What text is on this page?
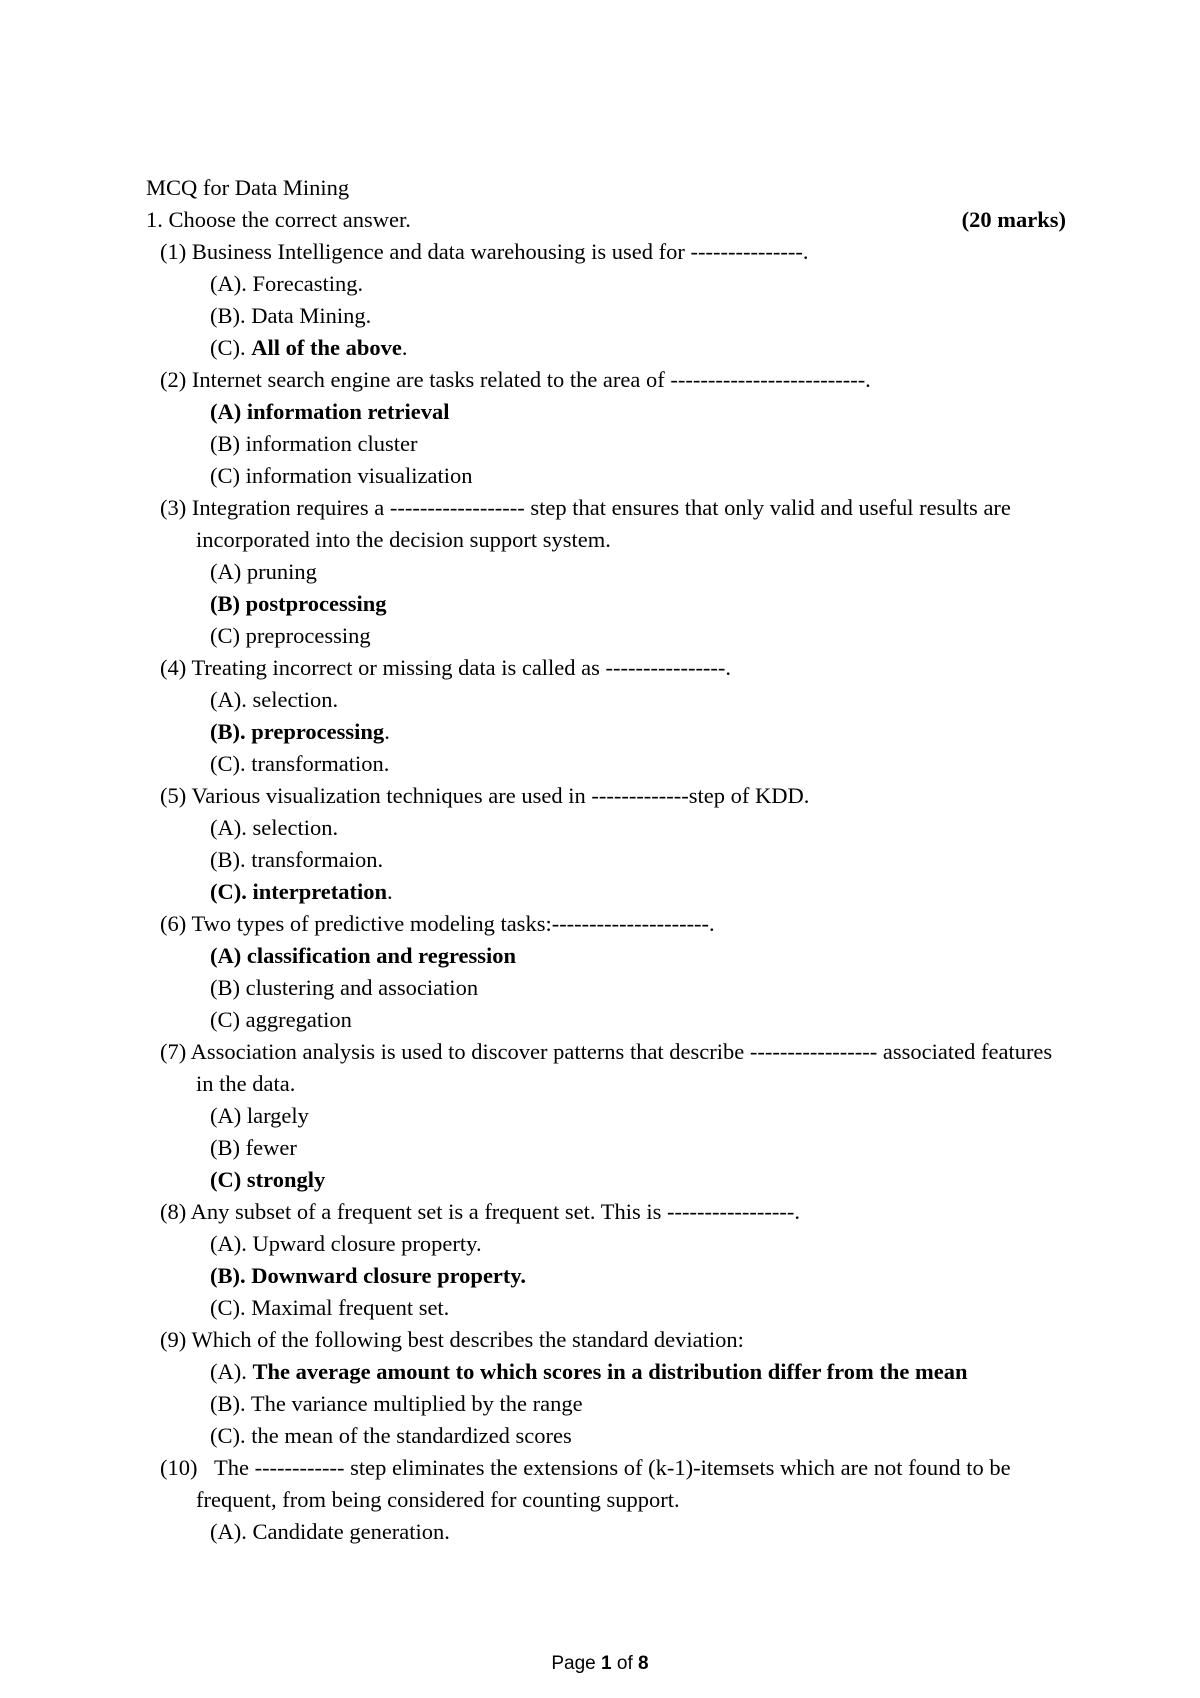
MCQ for Data Mining
1. Choose the correct answer.	(20 marks)
(1) Business Intelligence and data warehousing is used for ---------------.
(A). Forecasting.
(B). Data Mining.
(C). All of the above.
(2) Internet search engine are tasks related to the area of --------------------------.
(A) information retrieval
(B) information cluster
(C) information visualization
(3) Integration requires a ------------------ step that ensures that only valid and useful results are incorporated into the decision support system.
(A) pruning
(B) postprocessing
(C) preprocessing
(4) Treating incorrect or missing data is called as ----------------.
(A). selection.
(B). preprocessing.
(C). transformation.
(5) Various visualization techniques are used in -------------step of KDD.
(A). selection.
(B). transformaion.
(C). interpretation.
(6) Two types of predictive modeling tasks:---------------------.
(A) classification and regression
(B) clustering and association
(C) aggregation
(7) Association analysis is used to discover patterns that describe ----------------- associated features in the data.
(A) largely
(B) fewer
(C) strongly
(8) Any subset of a frequent set is a frequent set. This is -----------------.
(A). Upward closure property.
(B). Downward closure property.
(C). Maximal frequent set.
(9) Which of the following best describes the standard deviation:
(A). The average amount to which scores in a distribution differ from the mean
(B). The variance multiplied by the range
(C). the mean of the standardized scores
(10)   The ------------ step eliminates the extensions of (k-1)-itemsets which are not found to be frequent, from being considered for counting support.
(A). Candidate generation.
Page 1 of 8
